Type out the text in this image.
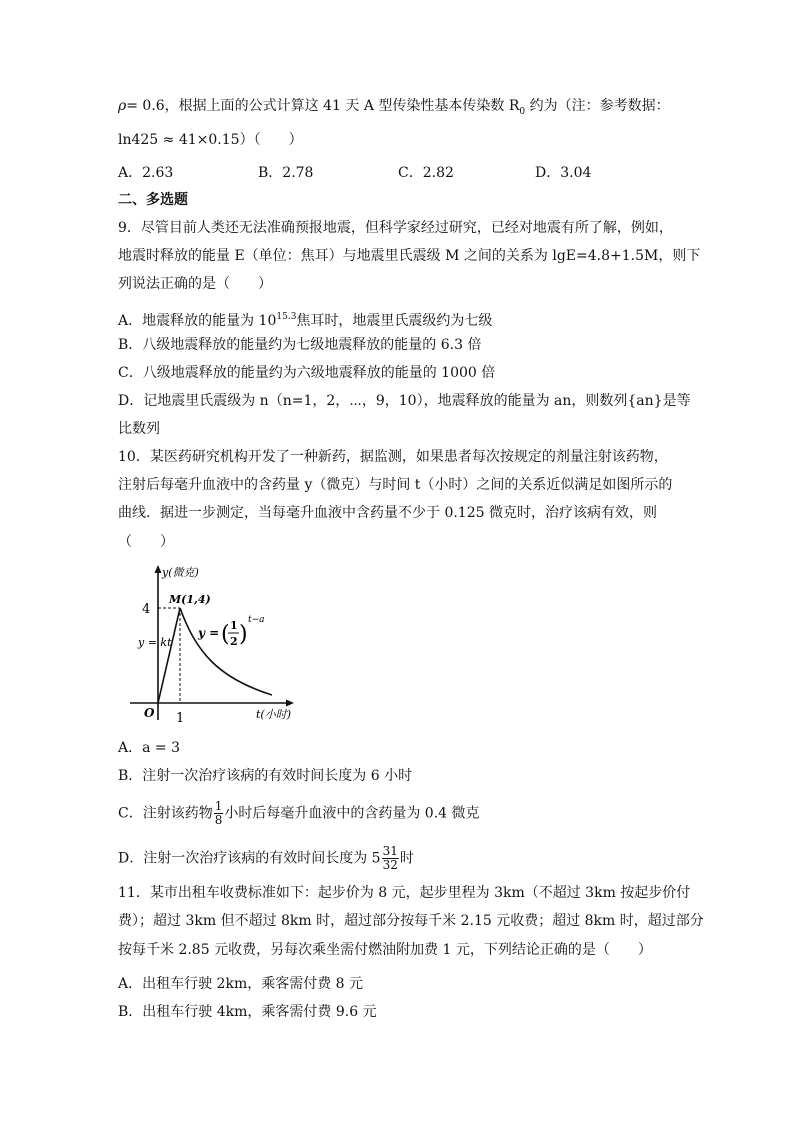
ρ= 0.6，根据上面的公式计算这 41 天 A 型传染性基本传染数 $R_0$ 约为（注：参考数据：
ln425 ≈ 41×0.15）（　　）
A．2.63	B．2.78	C．2.82	D．3.04
二、多选题
9．尽管目前人类还无法准确预报地震，但科学家经过研究，已经对地震有所了解，例如，
地震时释放的能量 E（单位：焦耳）与地震里氏震级 M 之间的关系为 lgE=4.8+1.5M，则下
列说法正确的是（　　）
A．地震释放的能量为 $10^{15.3}$焦耳时，地震里氏震级约为七级
B．八级地震释放的能量约为七级地震释放的能量的 6.3 倍
C．八级地震释放的能量约为六级地震释放的能量的 1000 倍
D．记地震里氏震级为 n（n=1，2，⋯，9，10），地震释放的能量为 an，则数列{an}是等
比数列
10．某医药研究机构开发了一种新药，据监测，如果患者每次按规定的剂量注射该药物，
注射后每毫升血液中的含药量 y（微克）与时间 t（小时）之间的关系近似满足如图所示的
曲线．据进一步测定，当每毫升血液中含药量不少于 0.125 微克时，治疗该病有效，则
（　　）
y(微克)
M(1,4)
4
y = kt
y = ( 1
2 )
t−a
O 1	t(小时)
A．a = 3
B．注射一次治疗该病的有效时间长度为 6 小时
C．注射该药物 $\frac{1}{8}$ 小时后每毫升血液中的含药量为 0.4 微克
D．注射一次治疗该病的有效时间长度为 $5 \frac{31}{32}$ 时
11．某市出租车收费标准如下：起步价为 8 元，起步里程为 3km（不超过 3km 按起步价付
费）；超过 3km 但不超过 8km 时，超过部分按每千米 2.15 元收费；超过 8km 时，超过部分
按每千米 2.85 元收费，另每次乘坐需付燃油附加费 1 元，下列结论正确的是（　　）
A．出租车行驶 2km，乘客需付费 8 元
B．出租车行驶 4km，乘客需付费 9.6 元
